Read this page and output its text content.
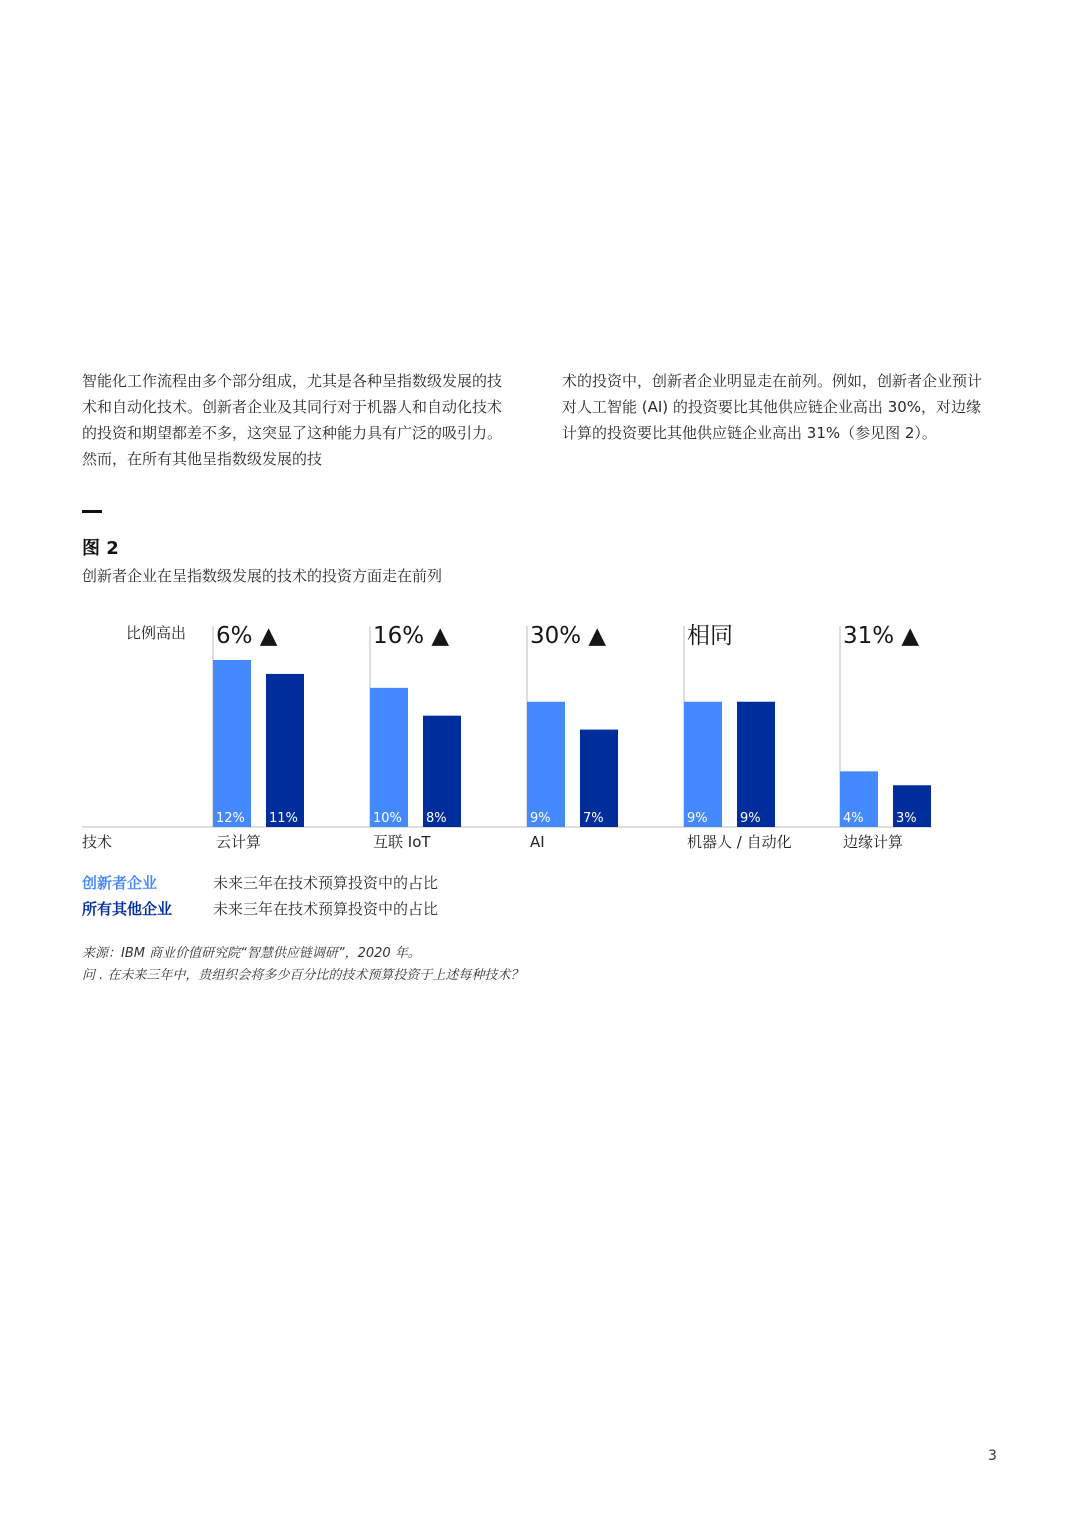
智能化工作流程由多个部分组成，尤其是各种呈指数级发展的技术和自动化技术。创新者企业及其同行对于机器人和自动化技术的投资和期望都差不多，这突显了这种能力具有广泛的吸引力。然而，在所有其他呈指数级发展的技

术的投资中，创新者企业明显走在前列。例如，创新者企业预计对人工智能 (AI) 的投资要比其他供应链企业高出 30%，对边缘计算的投资要比其他供应链企业高出 31%（参见图 2）。

图 2
创新者企业在呈指数级发展的技术的投资方面走在前列
比例高出
技术
6% ▲
12% 11%
云计算
16% ▲
10% 8%
互联 IoT
30% ▲
9% 7%
AI
相同
9% 9%
机器人 / 自动化
31% ▲
4% 3%
边缘计算
创新者企业	未来三年在技术预算投资中的占比
所有其他企业	未来三年在技术预算投资中的占比
来源：IBM 商业价值研究院“智慧供应链调研”，2020 年。
问 . 在未来三年中，贵组织会将多少百分比的技术预算投资于上述每种技术？
3
